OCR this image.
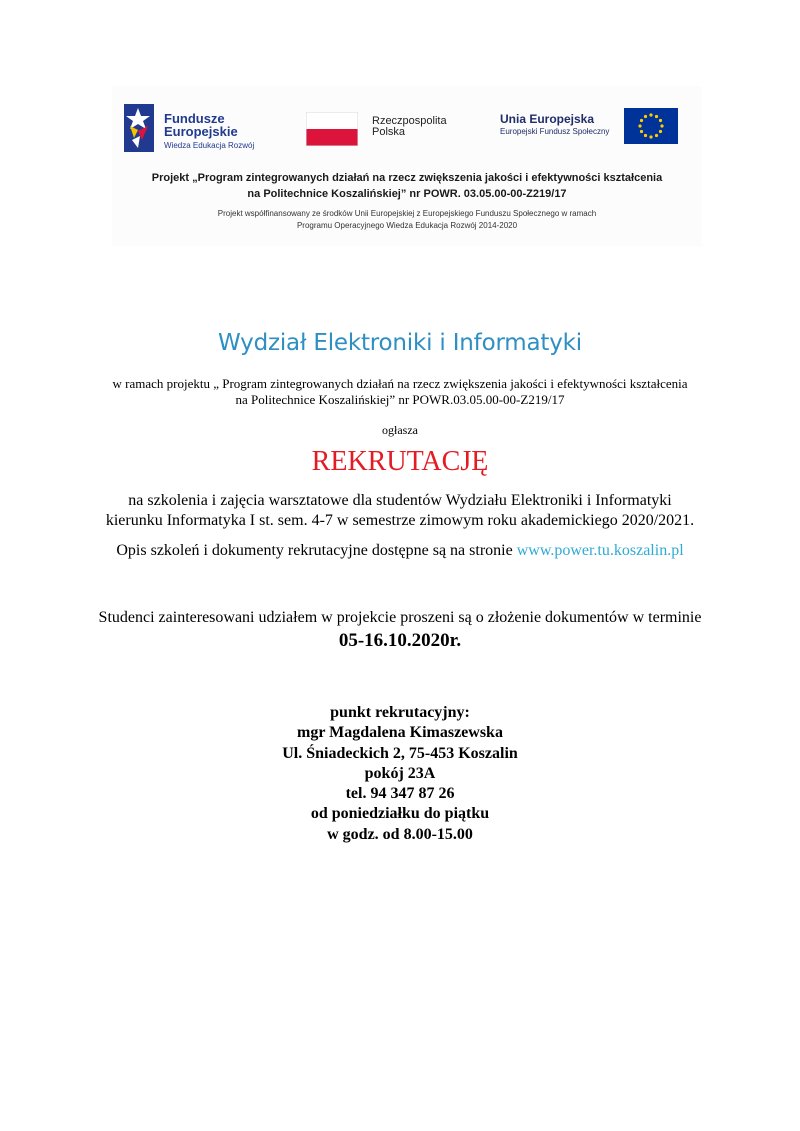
Fundusze
Europejskie
Wiedza Edukacja Rozwój
Rzeczpospolita
Polska
Unia Europejska
Europejski Fundusz Społeczny
Projekt „Program zintegrowanych działań na rzecz zwiększenia jakości i efektywności kształcenia
na Politechnice Koszalińskiej” nr POWR. 03.05.00-00-Z219/17
Projekt współfinansowany ze środków Unii Europejskiej z Europejskiego Funduszu Społecznego w ramach
Programu Operacyjnego Wiedza Edukacja Rozwój 2014-2020
Wydział Elektroniki i Informatyki
w ramach projektu „ Program zintegrowanych działań na rzecz zwiększenia jakości i efektywności kształcenia
na Politechnice Koszalińskiej” nr POWR.03.05.00-00-Z219/17
ogłasza
REKRUTACJĘ
na szkolenia i zajęcia warsztatowe dla studentów Wydziału Elektroniki i Informatyki
kierunku Informatyka I st. sem. 4-7 w semestrze zimowym roku akademickiego 2020/2021.
Opis szkoleń i dokumenty rekrutacyjne dostępne są na stronie www.power.tu.koszalin.pl
Studenci zainteresowani udziałem w projekcie proszeni są o złożenie dokumentów w terminie
05-16.10.2020r.
punkt rekrutacyjny:
mgr Magdalena Kimaszewska
Ul. Śniadeckich 2, 75-453 Koszalin
pokój 23A
tel. 94 347 87 26
od poniedziałku do piątku
w godz. od 8.00-15.00
